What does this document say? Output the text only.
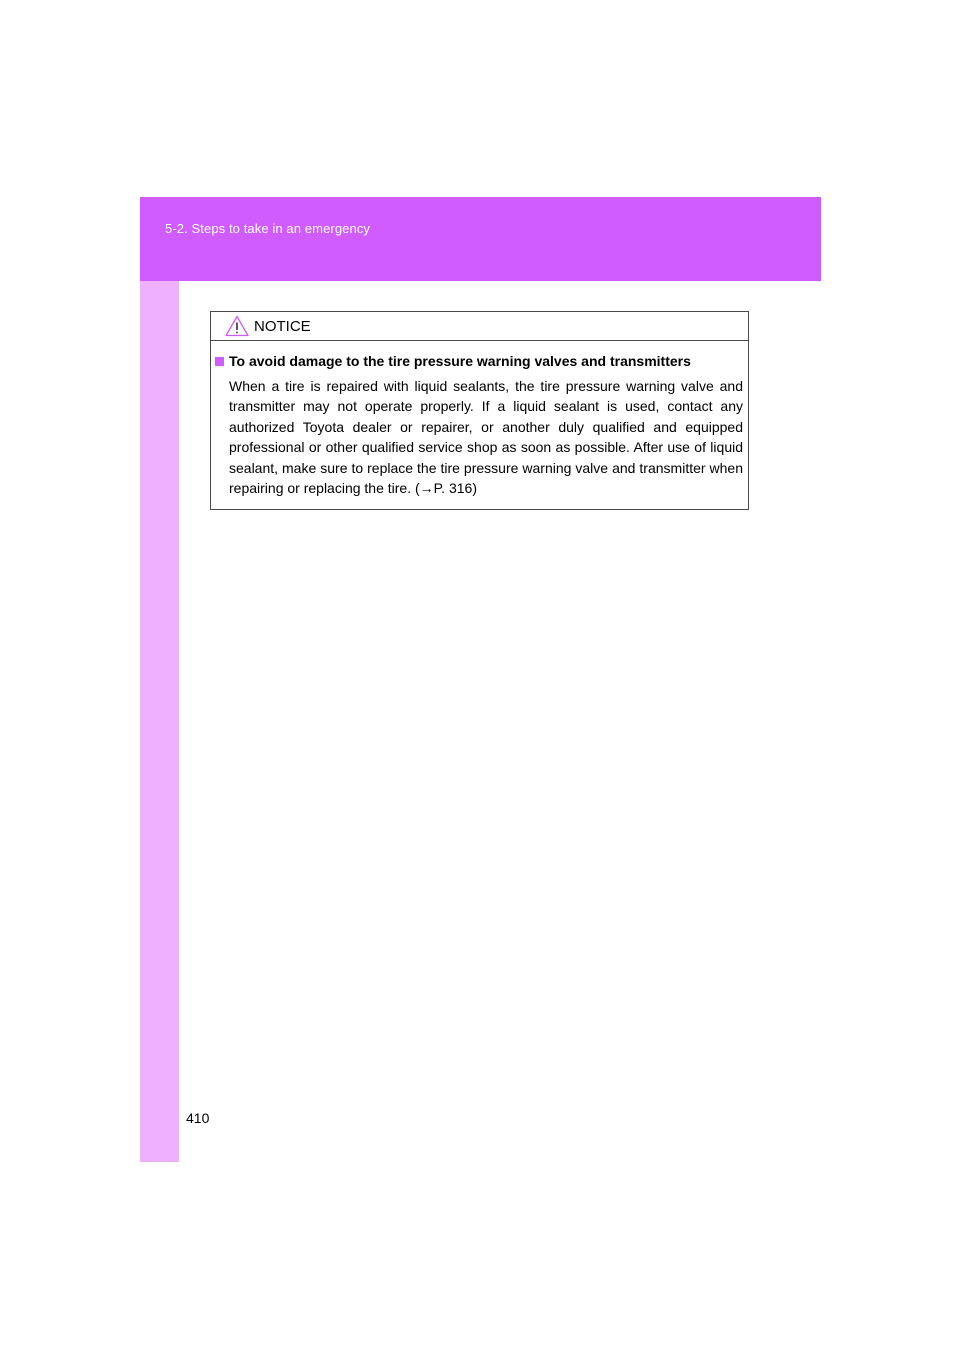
5-2. Steps to take in an emergency
NOTICE
To avoid damage to the tire pressure warning valves and transmitters
When a tire is repaired with liquid sealants, the tire pressure warning valve and transmitter may not operate properly. If a liquid sealant is used, contact any authorized Toyota dealer or repairer, or another duly qualified and equipped professional or other qualified service shop as soon as possible. After use of liquid sealant, make sure to replace the tire pressure warning valve and transmitter when repairing or replacing the tire. (→P. 316)
410
